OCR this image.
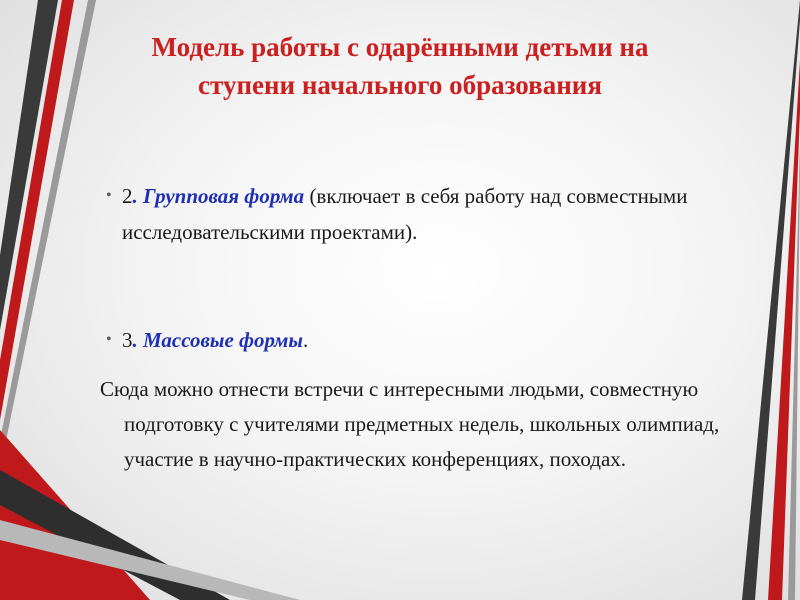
Модель работы с одарёнными детьми на
ступени начального образования

• 2. Групповая форма (включает в себя работу над совместными исследовательскими проектами).

• 3. Массовые формы.

Сюда можно отнести встречи с интересными людьми, совместную подготовку с учителями предметных недель, школьных олимпиад, участие в научно-практических конференциях, походах.
